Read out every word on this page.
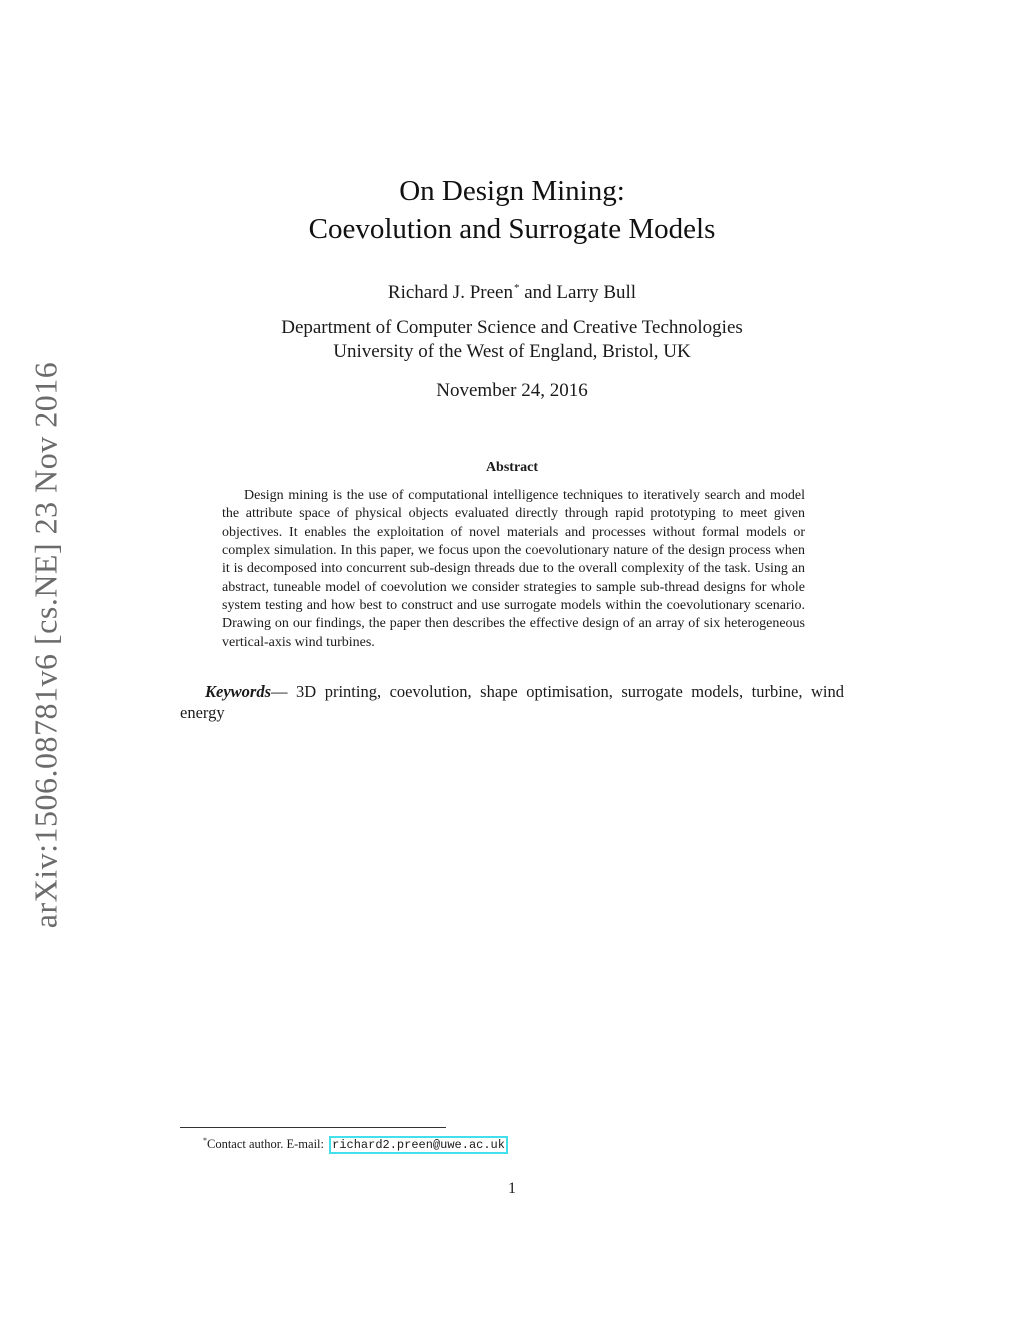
arXiv:1506.08781v6 [cs.NE] 23 Nov 2016
On Design Mining:
Coevolution and Surrogate Models
Richard J. Preen* and Larry Bull
Department of Computer Science and Creative Technologies
University of the West of England, Bristol, UK
November 24, 2016
Abstract
Design mining is the use of computational intelligence techniques to iteratively search and model the attribute space of physical objects evaluated directly through rapid prototyping to meet given objectives. It enables the exploitation of novel materials and processes without formal models or complex simulation. In this paper, we focus upon the coevolutionary nature of the design process when it is decomposed into concurrent sub-design threads due to the overall complexity of the task. Using an abstract, tuneable model of coevolution we consider strategies to sample sub-thread designs for whole system testing and how best to construct and use surrogate models within the coevolutionary scenario. Drawing on our findings, the paper then describes the effective design of an array of six heterogeneous vertical-axis wind turbines.
Keywords— 3D printing, coevolution, shape optimisation, surrogate models, turbine, wind energy
*Contact author. E-mail: richard2.preen@uwe.ac.uk
1
